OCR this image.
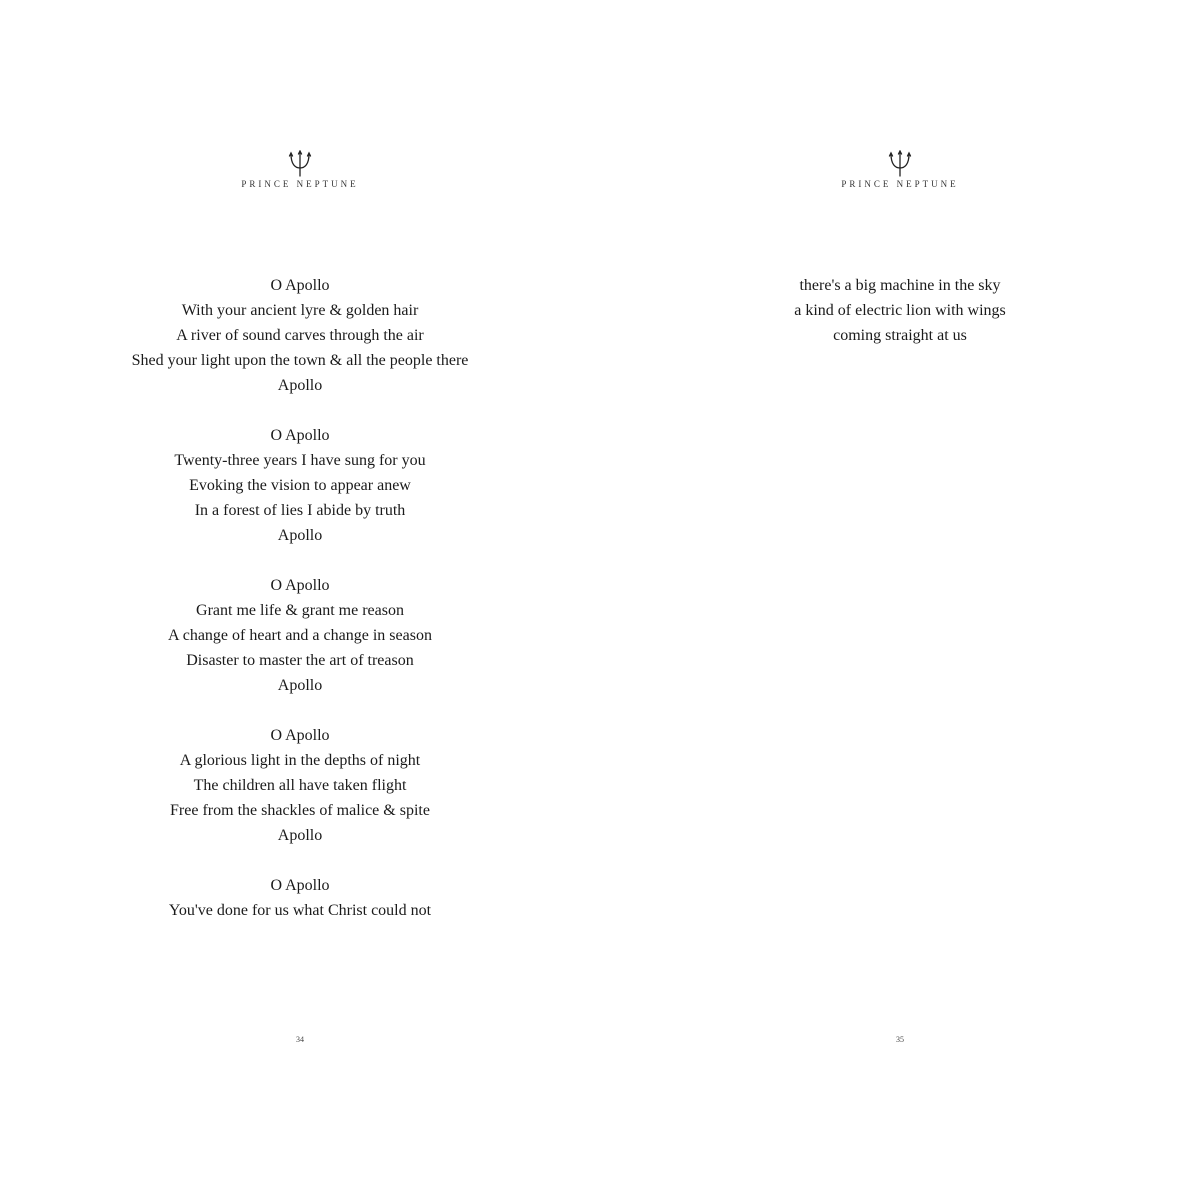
PRINCE NEPTUNE
O Apollo
With your ancient lyre & golden hair
A river of sound carves through the air
Shed your light upon the town & all the people there
Apollo
O Apollo
Twenty-three years I have sung for you
Evoking the vision to appear anew
In a forest of lies I abide by truth
Apollo
O Apollo
Grant me life & grant me reason
A change of heart and a change in season
Disaster to master the art of treason
Apollo
O Apollo
A glorious light in the depths of night
The children all have taken flight
Free from the shackles of malice & spite
Apollo
O Apollo
You've done for us what Christ could not
34
PRINCE NEPTUNE
there's a big machine in the sky
a kind of electric lion with wings
coming straight at us
35
